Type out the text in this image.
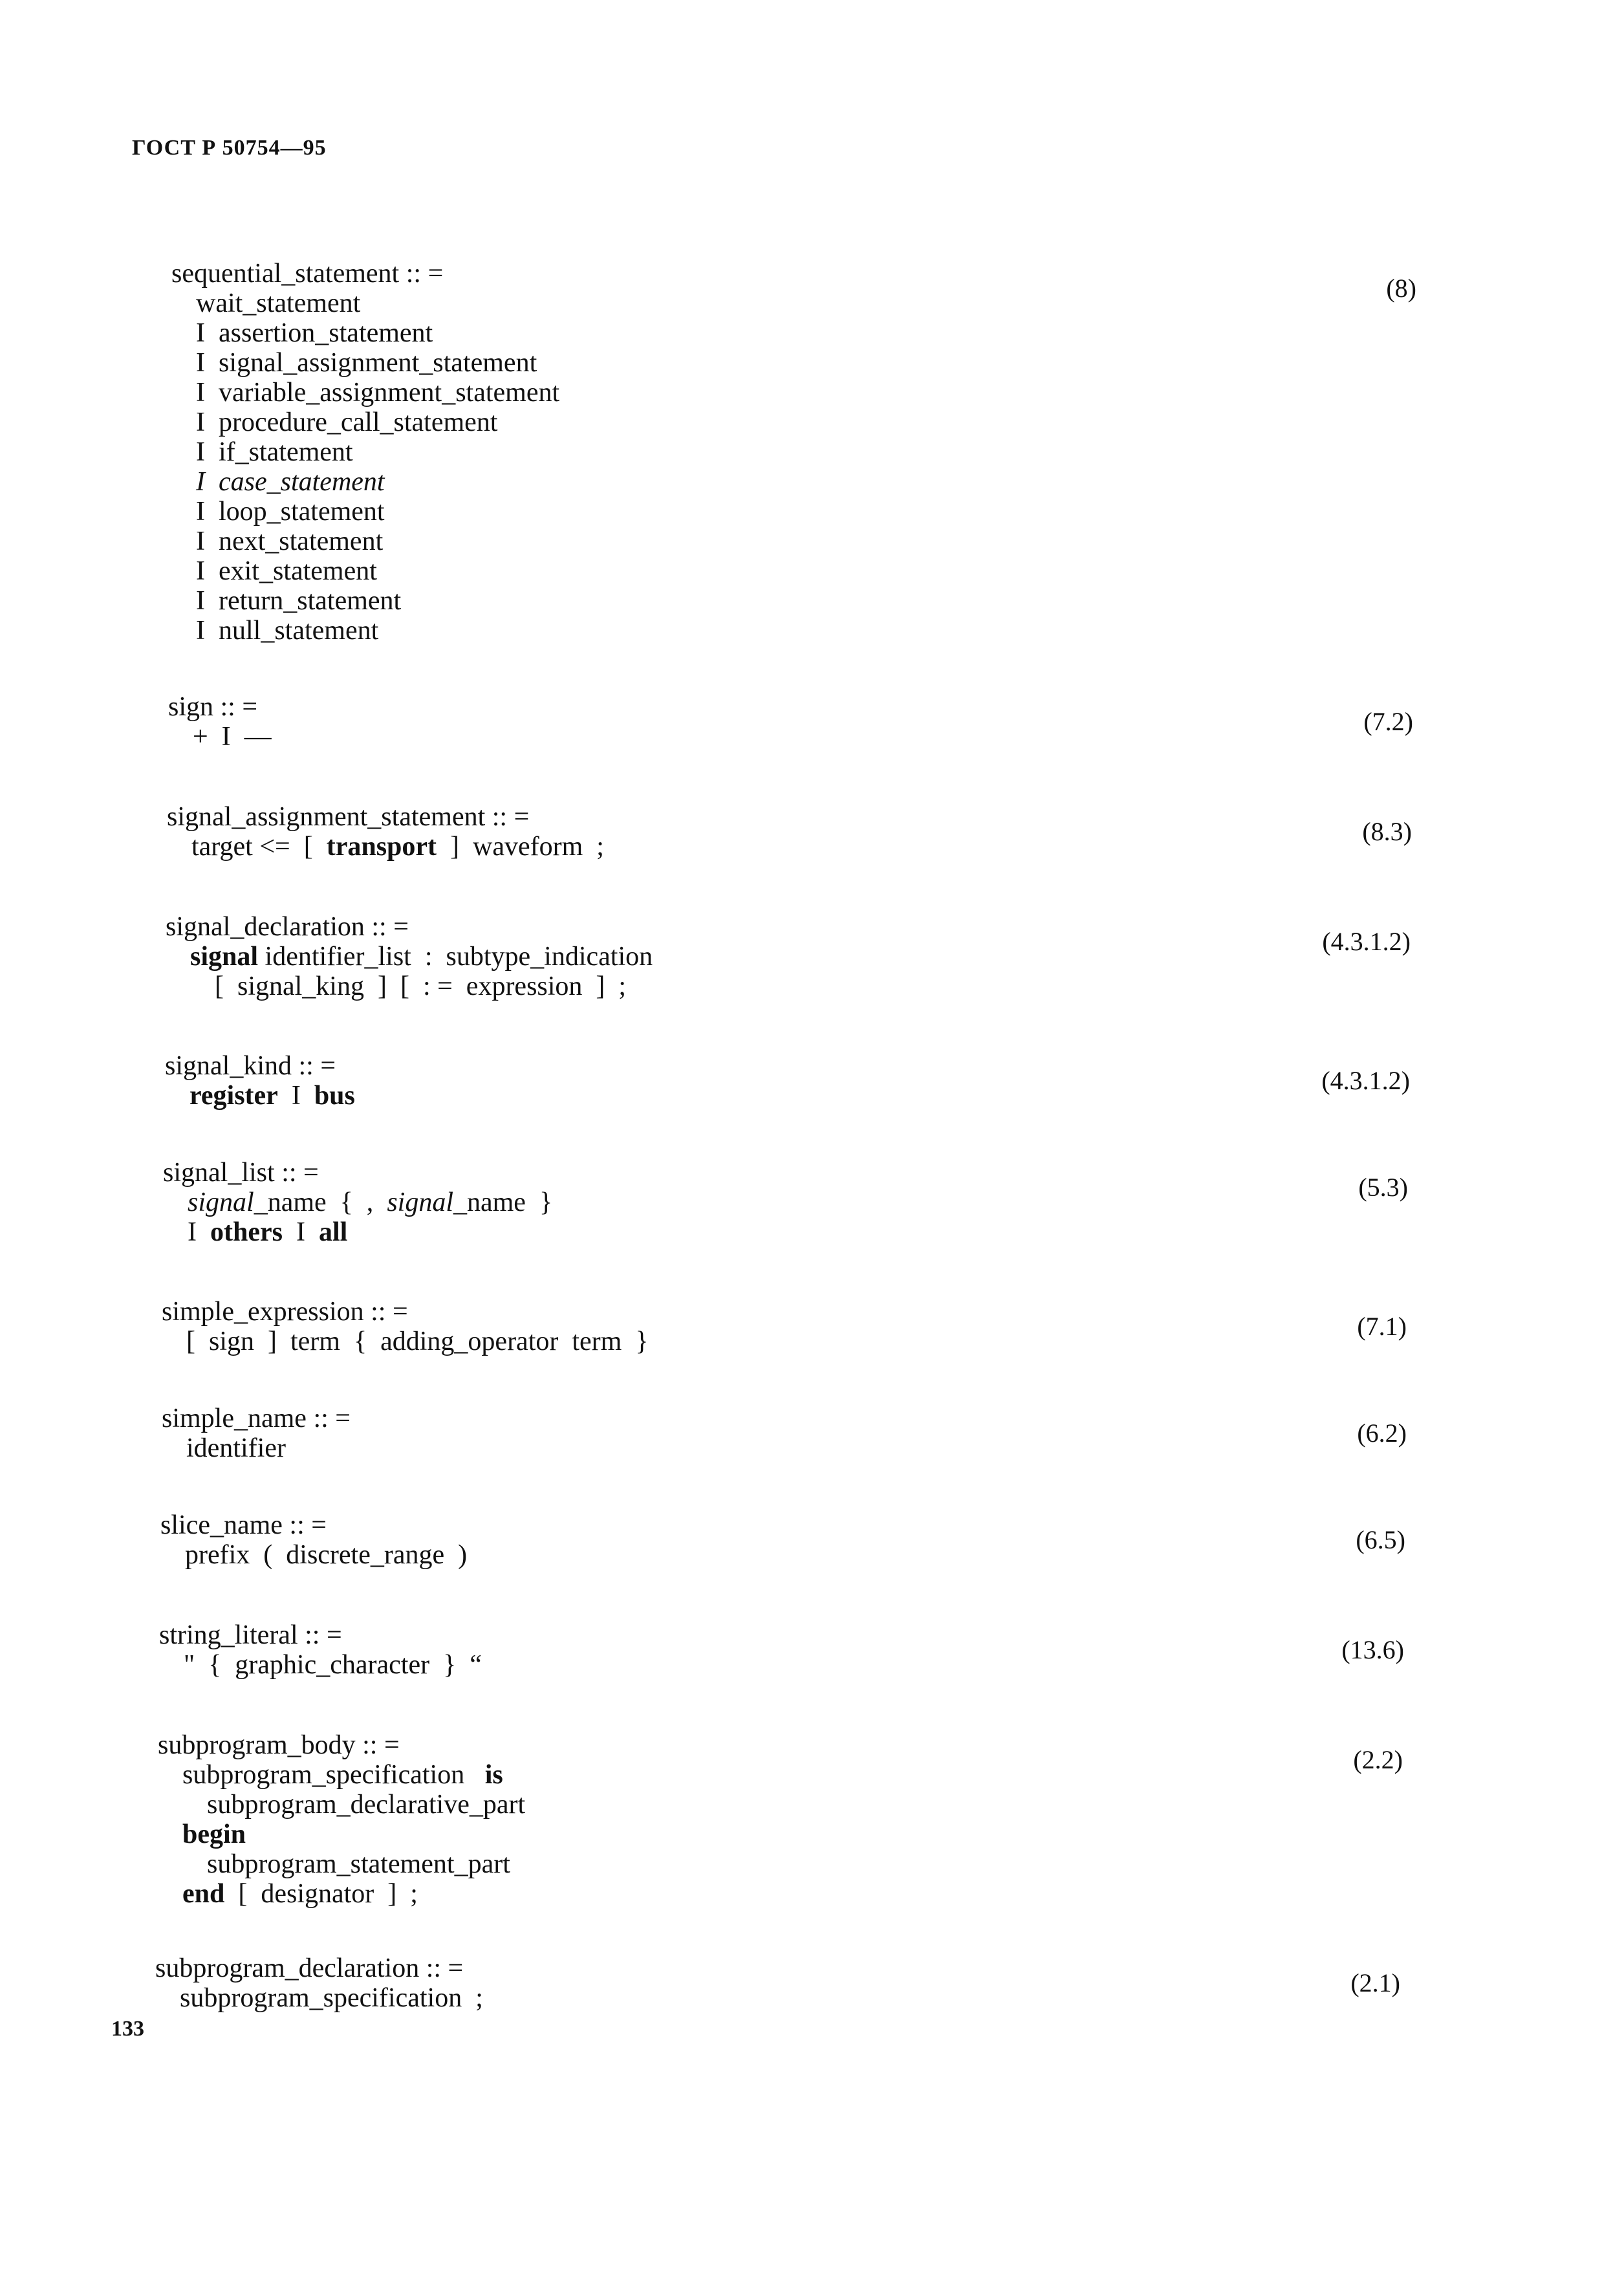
ГОСТ Р 50754—95
sequential_statement :: =
wait_statement
I  assertion_statement
I  signal_assignment_statement
I  variable_assignment_statement
I  procedure_call_statement
I  if_statement
I  case_statement
I  loop_statement
I  next_statement
I  exit_statement
I  return_statement
I  null_statement
(8)
sign :: =
+  I  —
(7.2)
signal_assignment_statement :: =
target <=  [  transport  ]  waveform  ;
(8.3)
signal_declaration :: =
signal identifier_list  :  subtype_indication
[  signal_king  ]  [  : =  expression  ]  ;
(4.3.1.2)
signal_kind :: =
register  I  bus
(4.3.1.2)
signal_list :: =
signal_name  {  ,  signal_name  }
I  others  I  all
(5.3)
simple_expression :: =
[  sign  ]  term  {  adding_operator  term  }
(7.1)
simple_name :: =
identifier
(6.2)
slice_name :: =
prefix  (  discrete_range  )
(6.5)
string_literal :: =
"  {  graphic_character  }  “
(13.6)
subprogram_body :: =
subprogram_specification   is
subprogram_declarative_part
begin
subprogram_statement_part
end  [  designator  ]  ;
(2.2)
subprogram_declaration :: =
subprogram_specification  ;
(2.1)
133
